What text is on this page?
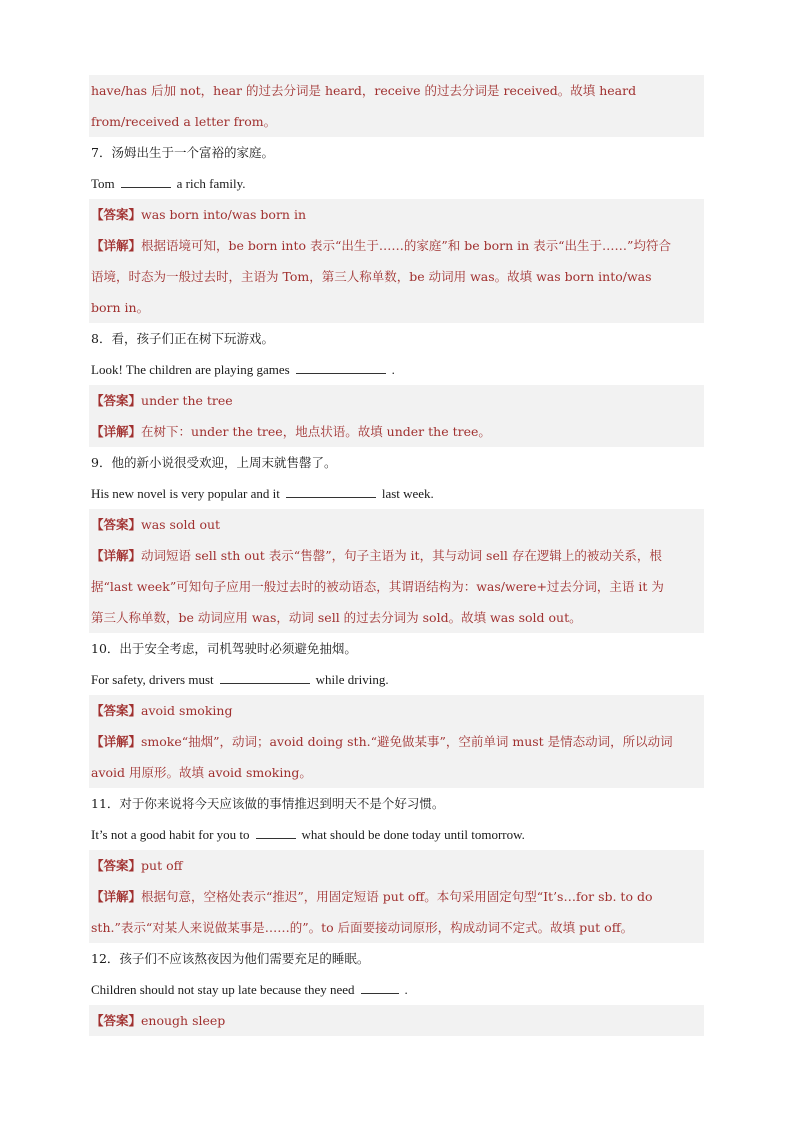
have/has 后加 not，hear 的过去分词是 heard，receive 的过去分词是 received。故填 heard
from/received a letter from。
7．汤姆出生于一个富裕的家庭。
Tom	a rich family.
【答案】was born into/was born in
【详解】根据语境可知，be born into 表示“出生于……的家庭”和 be born in 表示“出生于……”均符合
语境，时态为一般过去时，主语为 Tom，第三人称单数，be 动词用 was。故填 was born into/was
born in。
8．看，孩子们正在树下玩游戏。
Look! The children are playing games	.
【答案】under the tree
【详解】在树下：under the tree，地点状语。故填 under the tree。
9．他的新小说很受欢迎，上周末就售罄了。
His new novel is very popular and it	last week.
【答案】was sold out
【详解】动词短语 sell sth out 表示“售罄”，句子主语为 it，其与动词 sell 存在逻辑上的被动关系，根
据“last week”可知句子应用一般过去时的被动语态，其谓语结构为：was/were+过去分词，主语 it 为
第三人称单数，be 动词应用 was，动词 sell 的过去分词为 sold。故填 was sold out。
10．出于安全考虑，司机驾驶时必须避免抽烟。
For safety, drivers must	while driving.
【答案】avoid smoking
【详解】smoke“抽烟”，动词；avoid doing sth.“避免做某事”，空前单词 must 是情态动词，所以动词
avoid 用原形。故填 avoid smoking。
11．对于你来说将今天应该做的事情推迟到明天不是个好习惯。
It’s not a good habit for you to	what should be done today until tomorrow.
【答案】put off
【详解】根据句意，空格处表示“推迟”，用固定短语 put off。本句采用固定句型“It’s…for sb. to do
sth.”表示“对某人来说做某事是……的”。to 后面要接动词原形，构成动词不定式。故填 put off。
12．孩子们不应该熬夜因为他们需要充足的睡眠。
Children should not stay up late because they need	.
【答案】enough sleep
